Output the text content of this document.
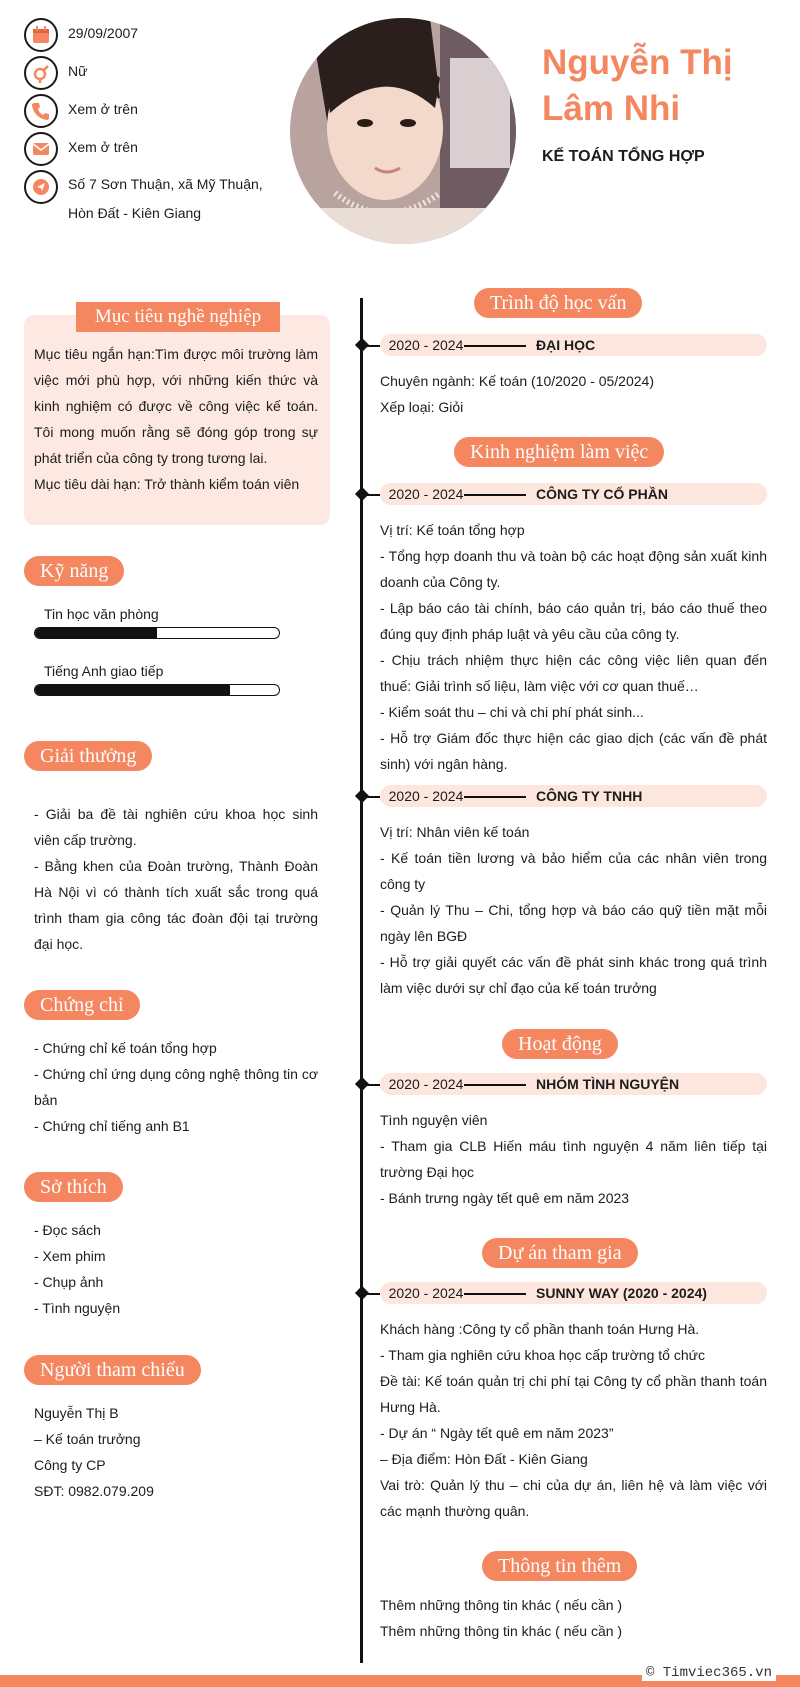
29/09/2007
Nữ
Xem ở trên
Xem ở trên
Số 7 Sơn Thuận, xã Mỹ Thuận,
Hòn Đất - Kiên Giang
Nguyễn Thị Lâm Nhi
KẾ TOÁN TỔNG HỢP
Mục tiêu nghề nghiệp
Mục tiêu ngắn hạn:Tìm được môi trường làm việc mới phù hợp, với những kiến thức và kinh nghiệm có được về công việc kế toán. Tôi mong muốn rằng sẽ đóng góp trong sự phát triển của công ty trong tương lai.
Mục tiêu dài hạn: Trở thành kiểm toán viên
Kỹ năng
Tin học văn phòng
Tiếng Anh giao tiếp
Giải thưởng
- Giải ba đề tài nghiên cứu khoa học sinh viên cấp trường.
- Bằng khen của Đoàn trường, Thành Đoàn Hà Nội vì có thành tích xuất sắc trong quá trình tham gia công tác đoàn đội tại trường đại học.
Chứng chỉ
- Chứng chỉ kế toán tổng hợp
- Chứng chỉ ứng dụng công nghệ thông tin cơ bản
- Chứng chỉ tiếng anh B1
Sở thích
- Đọc sách
- Xem phim
- Chụp ảnh
- Tình nguyện
Người tham chiếu
Nguyễn Thị B
– Kế toán trưởng
Công ty CP
SĐT: 0982.079.209
Trình độ học vấn
2020 - 2024	ĐẠI HỌC
Chuyên ngành: Kế toán (10/2020 - 05/2024)
Xếp loại: Giỏi
Kinh nghiệm làm việc
2020 - 2024	CÔNG TY CỔ PHẦN
Vị trí: Kế toán tổng hợp
- Tổng hợp doanh thu và toàn bộ các hoạt động sản xuất kinh doanh của Công ty.
- Lập báo cáo tài chính, báo cáo quản trị, báo cáo thuế theo đúng quy định pháp luật và yêu cầu của công ty.
- Chịu trách nhiệm thực hiện các công việc liên quan đến thuế: Giải trình số liệu, làm việc với cơ quan thuế…
- Kiểm soát thu – chi và chi phí phát sinh...
- Hỗ trợ Giám đốc thực hiện các giao dịch (các vấn đề phát sinh) với ngân hàng.
2020 - 2024	CÔNG TY TNHH
Vị trí: Nhân viên kế toán
- Kế toán tiền lương và bảo hiểm của các nhân viên trong công ty
- Quản lý Thu – Chi, tổng hợp và báo cáo quỹ tiền mặt mỗi ngày lên BGĐ
- Hỗ trợ giải quyết các vấn đề phát sinh khác trong quá trình làm việc dưới sự chỉ đạo của kế toán trưởng
Hoạt động
2020 - 2024	NHÓM TÌNH NGUYỆN
Tình nguyện viên
- Tham gia CLB Hiến máu tình nguyện 4 năm liên tiếp tại trường Đại học
- Bánh trưng ngày tết quê em năm 2023
Dự án tham gia
2020 - 2024	SUNNY WAY (2020 - 2024)
Khách hàng :Công ty cổ phần thanh toán Hưng Hà.
- Tham gia nghiên cứu khoa học cấp trường tổ chức
Đề tài: Kế toán quản trị chi phí tại Công ty cổ phần thanh toán Hưng Hà.
- Dự án “ Ngày tết quê em năm 2023”
– Địa điểm: Hòn Đất - Kiên Giang
Vai trò: Quản lý thu – chi của dự án, liên hệ và làm việc với các mạnh thường quân.
Thông tin thêm
Thêm những thông tin khác ( nếu cần )
Thêm những thông tin khác ( nếu cần )
© Timviec365.vn
